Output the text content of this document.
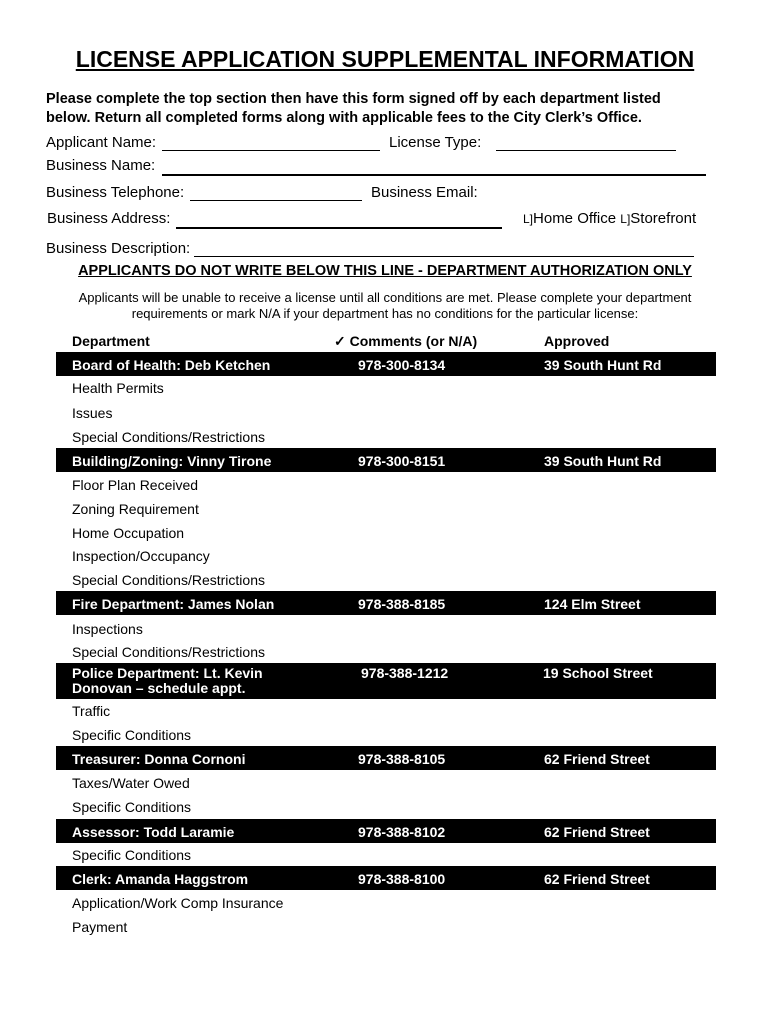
LICENSE APPLICATION SUPPLEMENTAL INFORMATION
Please complete the top section then have this form signed off by each department listed
below. Return all completed forms along with applicable fees to the City Clerk’s Office.
Applicant Name:	License Type:
Business Name:
Business Telephone:	Business Email:
Business Address:	L]Home Office L]Storefront
Business Description:
APPLICANTS DO NOT WRITE BELOW THIS LINE - DEPARTMENT AUTHORIZATION ONLY
Applicants will be unable to receive a license until all conditions are met. Please complete your department
requirements or mark N/A if your department has no conditions for the particular license:
Department	✓ Comments (or N/A)	Approved
Board of Health: Deb Ketchen	978-300-8134	39 South Hunt Rd
Health Permits
Issues
Special Conditions/Restrictions
Building/Zoning: Vinny Tirone	978-300-8151	39 South Hunt Rd
Floor Plan Received
Zoning Requirement
Home Occupation
Inspection/Occupancy
Special Conditions/Restrictions
Fire Department: James Nolan	978-388-8185	124 Elm Street
Inspections
Special Conditions/Restrictions
Police Department: Lt. Kevin
Donovan – schedule appt.
978-388-1212	19 School Street
Traffic
Specific Conditions
Treasurer: Donna Cornoni	978-388-8105	62 Friend Street
Taxes/Water Owed
Specific Conditions
Assessor: Todd Laramie	978-388-8102	62 Friend Street
Specific Conditions
Clerk: Amanda Haggstrom	978-388-8100	62 Friend Street
Application/Work Comp Insurance
Payment
